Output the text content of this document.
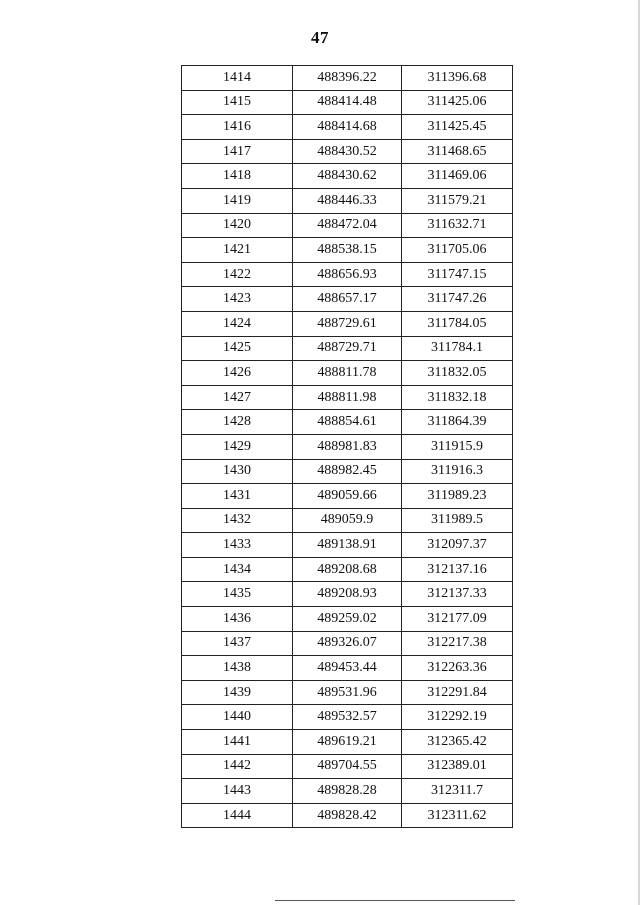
47
1414	488396.22	311396.68
1415	488414.48	311425.06
1416	488414.68	311425.45
1417	488430.52	311468.65
1418	488430.62	311469.06
1419	488446.33	311579.21
1420	488472.04	311632.71
1421	488538.15	311705.06
1422	488656.93	311747.15
1423	488657.17	311747.26
1424	488729.61	311784.05
1425	488729.71	311784.1
1426	488811.78	311832.05
1427	488811.98	311832.18
1428	488854.61	311864.39
1429	488981.83	311915.9
1430	488982.45	311916.3
1431	489059.66	311989.23
1432	489059.9	311989.5
1433	489138.91	312097.37
1434	489208.68	312137.16
1435	489208.93	312137.33
1436	489259.02	312177.09
1437	489326.07	312217.38
1438	489453.44	312263.36
1439	489531.96	312291.84
1440	489532.57	312292.19
1441	489619.21	312365.42
1442	489704.55	312389.01
1443	489828.28	312311.7
1444	489828.42	312311.62
